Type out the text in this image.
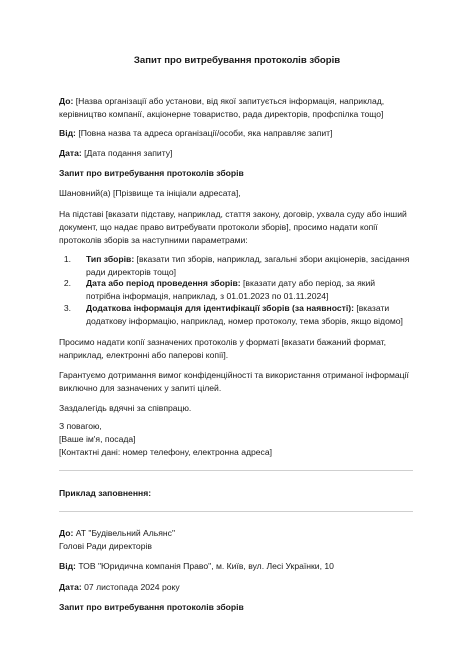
Запит про витребування протоколів зборів
До: [Назва організації або установи, від якої запитується інформація, наприклад,
керівництво компанії, акціонерне товариство, рада директорів, профспілка тощо]
Від: [Повна назва та адреса організації/особи, яка направляє запит]
Дата: [Дата подання запиту]
Запит про витребування протоколів зборів
Шановний(а) [Прізвище та ініціали адресата],
На підставі [вказати підставу, наприклад, стаття закону, договір, ухвала суду або інший
документ, що надає право витребувати протоколи зборів], просимо надати копії
протоколів зборів за наступними параметрами:
1. Тип зборів: [вказати тип зборів, наприклад, загальні збори акціонерів, засідання
ради директорів тощо]
2. Дата або період проведення зборів: [вказати дату або період, за який
потрібна інформація, наприклад, з 01.01.2023 по 01.11.2024]
3. Додаткова інформація для ідентифікації зборів (за наявності): [вказати
додаткову інформацію, наприклад, номер протоколу, тема зборів, якщо відомо]
Просимо надати копії зазначених протоколів у форматі [вказати бажаний формат,
наприклад, електронні або паперові копії].
Гарантуємо дотримання вимог конфіденційності та використання отриманої інформації
виключно для зазначених у запиті цілей.
Заздалегідь вдячні за співпрацю.
З повагою,
[Ваше ім'я, посада]
[Контактні дані: номер телефону, електронна адреса]
Приклад заповнення:
До: АТ "Будівельний Альянс"
Голові Ради директорів
Від: ТОВ "Юридична компанія Право", м. Київ, вул. Лесі Українки, 10
Дата: 07 листопада 2024 року
Запит про витребування протоколів зборів
